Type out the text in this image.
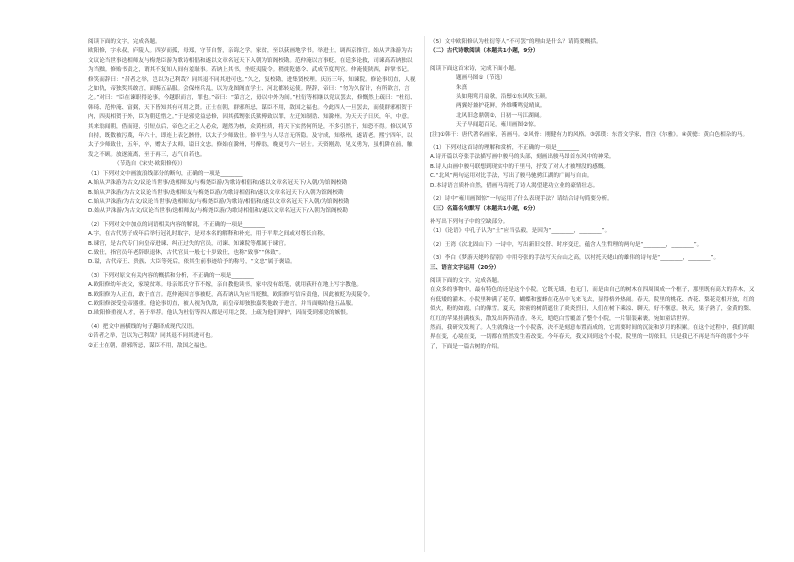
阅读下面的文字，完成各题。

欧阳修，字永叔，庐陵人。四岁而孤，母郑，守节自誓，亲诲之学。家贫，至以荻画地学书。举进士，调西京推官。始从尹洙游为古文议论当世事迭相师友与梅尧臣游为歌诗相倡和遂以文章名冠天下入朝为馆阁校勘。范仲淹以言事贬，在廷多论救，司谏高若讷独以为当黜。修贻书责之，谓其不复知人间有羞耻事。若讷上其书，坐贬夷陵令。稍徙乾德令、武成节度判官。仲淹使陕西，辟掌书记。修笑而辞曰：“昔者之举，岂以为己利哉？同其退不同其进可也。”久之，复校勘，进集贤校理。庆历三年，知谏院。修论事切直，人视之如仇，帝独奖其敢言，面赐五品服。会保州兵乱，以为龙图阁直学士、河北都转运使。陛辞，帝曰：“勿为久留计，有所欲言，言之。”对曰：“臣在谏职得论事，今越职而言，罪也。”帝曰：“第言之，毋以中外为间。”杜衍等相继以党议罢去，修慨然上疏曰：“杜衍、韩琦、范仲淹、富弼，天下皆知其有可用之贤。正士在朝，群邪所忌，谋臣不用，敌国之福也。今此四人一旦罢去，而使群邪相贺于内，四夷相贺于外，臣为朝廷惜之。”于是邪党益忌修，因其孤甥张氏狱傅致以罪，左迁知制诰、知滁州。为天天子日厌，年，中意。其来翁闻朝，借而迎，引短点后，帝色之正之人必众，题然为核，众黄枉质，将天下实然何所是，不多引然于，知恐不得。修以风节自持，既数被污蔑，年六十，即连上表乞骸骨，以太子少师致仕。修平生与人尽言无所隐。及守成，知蔡州，遂请老。熙宁四年，以太子少师致仕，五年，卒，赠太子太师，谥曰文忠。修始在滁州，号醉翁，晚更号六一居士。天资刚劲，见义勇为，虽机阱在前，触发之不顾。放逐流离，至于再三，志气自若也。

（节选自《宋史·欧阳修传》）

（1）下列对文中画波浪线部分的断句，正确的一项是________

A.始从尹洙游为古文/议论当世事/迭相师友/与梅尧臣游/为歌诗相倡和/遂以文章名冠天下/入朝/为馆阁校勘

B.始从尹洙游/为古文议论当世事/迭相师友与梅尧臣游/为歌诗相倡和/遂以文章名冠天下/入朝为馆阁校勘

C.始从尹洙游/为古文/议论当世事/迭相师友/与梅尧臣游/为歌诗/相倡和/遂以文章名冠天下入朝/为馆阁校勘

D.始从尹洙游/为古文/议论当世事/迭相师友/与梅尧臣游/为歌诗相倡和/遂以文章名冠天下/入朝为馆阁校勘

（2）下列对文中加点的词语相关内容的解说，不正确的一项是________

A.字，在古代男子成年后举行冠礼时取字，是对本名的解释和补充，用于平辈之间或对尊长自称。

B.谏官，是古代专门向皇帝进谏、纠正过失的官员，司谏、知谏院等都属于谏官。

C.致仕，指官员年老辞职退休，古代官员一般七十岁致仕，也称“致事”“休致”。

D.谥，古代帝王、贵族、大臣等死后，依其生前事迹给予的称号，“文忠”属于褒谥。

（3）下列对原文有关内容的概括和分析，不正确的一项是________

A.欧阳修幼年丧父，家境贫寒。母亲郑氏守节不嫁，亲自教他读书，家中没有纸笔，就用荻秆在地上写字教他。

B.欧阳修为人正直，敢于直言。范仲淹因言事被贬，高若讷认为应当贬黜，欧阳修写信斥责他，因此被贬为夷陵令。

C.欧阳修深受皇帝器重。他论事切直，被人视为仇敌，而皇帝却独独嘉奖他敢于进言，并当面赐给他五品服。

D.欧阳修重视人才，善于举荐。他认为杜衍等四人都是可用之贤，上疏为他们辩护，因而受到邪党的嫉恨。

（4）把文中画横线的句子翻译成现代汉语。

①昔者之举，岂以为己利哉？同其退不同其进可也。

②正士在朝，群邪所忌，谋臣不用，敌国之福也。

（5）文中欧阳修认为杜衍等人“不可罢”的理由是什么？请简要概括。

（二）古代诗歌阅读（本题共1小题，9分）

阅读下面这首宋诗，完成下面小题。

题画马图①（节选）

朱熹

头如翔鸾月扇欹，沿鬃①东风吹玉颜。

两翼好兼护花鲜，外维嘶鸣觉晴岚。

北风旧念鼎朝②，日初一马江湖阔。

天子早闻超百足，雍川画图②惊。

[注]①韩干：唐代著名画家，善画马。②风骨：刚健有力的风格。③郭璞：东晋文学家，曾注《尔雅》。④黄骢：黄白色相杂的马。

（1）下列对这首诗的理解和赏析，不正确的一项是________

A.诗开篇以夸张手法描写画中骏马的头部，刻画出骏马昂首东风中的神采。

B.诗人由画中骏马联想到现实中的千里马，抒发了对人才被埋没的感慨。

C.“北风”两句运用对比手法，写出了骏马驰骋江湖的广阔与自由。

D.本诗语言质朴自然，借画马寄托了诗人渴望建功立业的豪情壮志。

（2）诗中“雍川画图惊”一句运用了什么表现手法？请结合诗句简要分析。

（三）名篇名句默写（本题共1小题，6分）

补写出下列句子中的空缺部分。

（1）《论语》中孔子认为“士”应当弘毅，是因为“________，________”。

（2）王湾《次北固山下》一诗中，写出新旧交替、时序变迁，蕴含人生哲理的两句是“________，________”。

（3）李白《梦游天姥吟留别》中用夸张的手法写天台山之高，以衬托天姥山的雄伟的诗句是“________，________”。

三、语言文字运用（20分）

阅读下面的文字，完成各题。

在众多的事物中，最有特色的还是这个小院。它既无墙，也无门，而是由自己的树木在四周围成一个框子，那里既有高大的乔木，又有低矮的灌木。小院里种满了花草，蝴蝶和蜜蜂在花丛中飞来飞去，显得格外热闹。春天，院里的桃花、杏花、梨花竞相开放，红的似火，粉的如霞，白的像雪。夏天，浓密的树荫遮住了炎炎烈日，人们在树下乘凉、聊天，好不惬意。秋天，果子熟了，金黄的梨、红红的苹果挂满枝头，散发出阵阵清香。冬天，皑皑白雪覆盖了整个小院，一片银装素裹，宛如童话世界。

然而，我研究发现了。人生就像这一个小院落，决不是刻意布置而成的，它需要时间的沉淀和岁月的积累。在这个过程中，我们的眼界在变，心境在变，一切都在悄然发生着改变。今年春天，我又回到这个小院，院里的一切依旧，只是我已不再是当年的那个少年了，下面是一篇古树的介绍。
